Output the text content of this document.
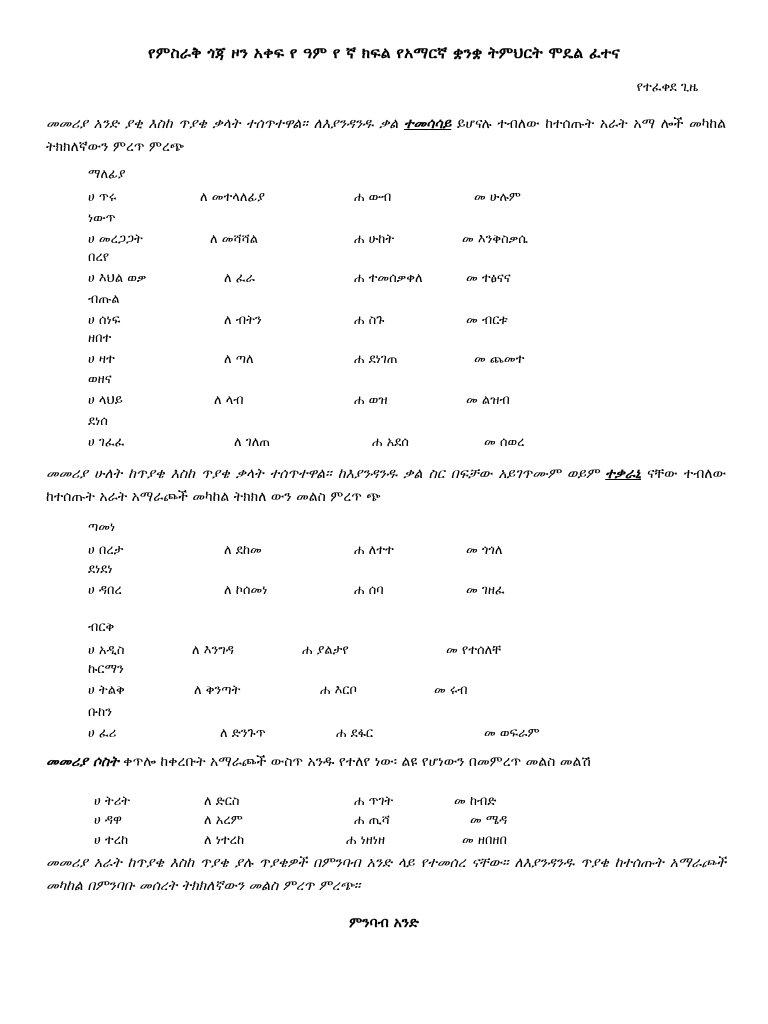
የምስራቅ ጎጃ ዞን አቀፍ የ ዓም የ ኛ ክፍል የአማርኛ ቋንቋ ትምህርት ሞዴል ፈተና
የተፈቀደ ጊዜ
መመሪያ አንድ ያቂ እስከ ጥያቄ ቃላት ተሰጥተዋል። ለእያንዳንዱ ቃል ተመሳሳይ ይሆናሉ ተብለው ከተሰጡት አራት አማ ሎች መካከል ትክክለኛውን ምረጥ ምረጭ
ማለፊያ
ሀ ጥሩ	ለ መተላለፊያ	ሐ ውብ	መ ሁሉም
ነውጥ
ሀ መረጋጋት	ለ መሻሻል	ሐ ሁከት	መ እንቅስቃሴ
በረየ
ሀ እህል ወቃ	ለ ፈራ	ሐ ተመሰቃቀለ	መ ተፅናና
ብጡል
ሀ ሰነፍ	ለ ብትን	ሐ ስጉ	መ ብርቱ
ዘበተ
ሀ ዛተ	ለ ጣለ	ሐ ደነገጠ	መ ጨመተ
ወዘና
ሀ ላህይ	ለ ላብ	ሐ ወዝ	መ ልዝብ
ደነሰ
ሀ ገፈፈ	ለ ገለጠ	ሐ አደሰ	መ ሰወረ
መመሪያ ሁለት ከጥያቄ እስከ ጥያቄ ቃላት ተሰጥተዋል። ከእያንዳንዱ ቃል ስር በፍቻው አይገጥሙም ወይም ተቃራኒ ናቸው ተብለው ከተሰጡት አራት አማራጮች መካከል ትክክለ ውን መልስ ምረጥ ጭ
ጣመነ
ሀ በረታ	ለ ደከመ	ሐ ለተተ	መ ጎጎለ
ደነደነ
ሀ ዳበረ	ለ ኮሰመነ	ሐ ሰባ	መ ገዘፈ
ብርቅ
ሀ አዲስ	ለ እንግዳ	ሐ ያልታየ	መ የተሰለቸ
ኩርማን
ሀ ትልቅ	ለ ቅንጣት	ሐ እርቦ	መ ሩብ
ቡከን
ሀ ፈሪ	ለ ድንጉጥ	ሐ ደፋር	መ ወፍራም
መመሪያ ሶስት ቀጥሎ ከቀረቡት አማራጮች ውስጥ አንዱ የተለየ ነው፡ ልዩ የሆነውን በመምረጥ መልስ መልሽ
ሀ ትሪት	ለ ድርስ	ሐ ጥገት	መ ከብድ
ሀ ዳዋ	ለ አረም	ሐ ጢሻ	መ ሜዳ
ሀ ተረከ	ለ ነተረከ	ሐ ነዘነዘ	መ ዘበዘበ
መመሪያ አራት ከጥያቄ እስከ ጥያቄ ያሉ ጥያቄዎች በምንባብ አንድ ላይ የተመሰረ ናቸው። ለእያንዳንዱ ጥያቄ ከተሰጡት አማራጮች መካከል በምንባቡ መሰረት ትክክለኛውን መልስ ምረጥ ምረጭ።
ምንባብ አንድ
